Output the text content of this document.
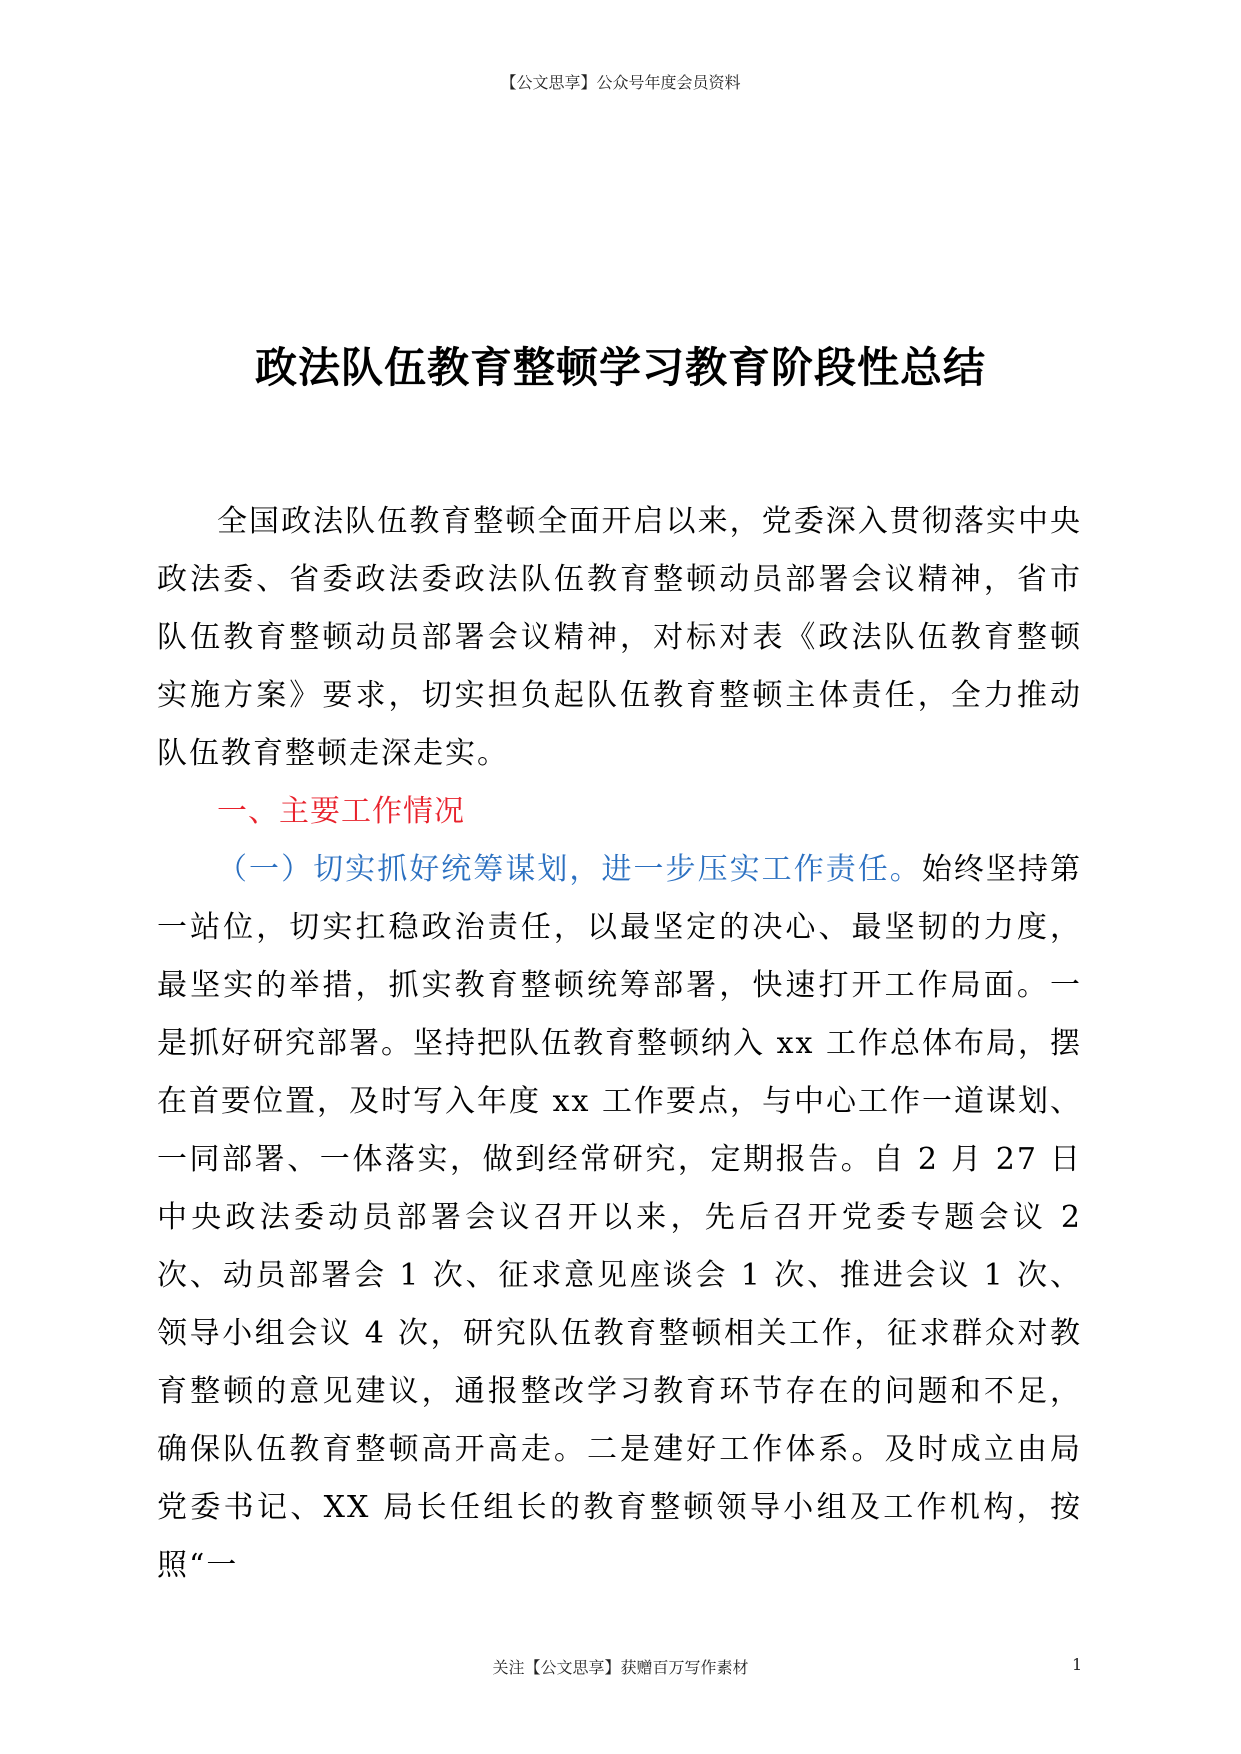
【公文思享】公众号年度会员资料
政法队伍教育整顿学习教育阶段性总结

全国政法队伍教育整顿全面开启以来，党委深入贯彻落实中央政法委、省委政法委政法队伍教育整顿动员部署会议精神，省市队伍教育整顿动员部署会议精神，对标对表《政法队伍教育整顿实施方案》要求，切实担负起队伍教育整顿主体责任，全力推动队伍教育整顿走深走实。

一、主要工作情况

（一）切实抓好统筹谋划，进一步压实工作责任。始终坚持第一站位，切实扛稳政治责任，以最坚定的决心、最坚韧的力度，最坚实的举措，抓实教育整顿统筹部署，快速打开工作局面。一是抓好研究部署。坚持把队伍教育整顿纳入 xx 工作总体布局，摆在首要位置，及时写入年度 xx 工作要点，与中心工作一道谋划、一同部署、一体落实，做到经常研究，定期报告。自 2 月 27 日中央政法委动员部署会议召开以来，先后召开党委专题会议 2 次、动员部署会 1 次、征求意见座谈会 1 次、推进会议 1 次、领导小组会议 4 次，研究队伍教育整顿相关工作，征求群众对教育整顿的意见建议，通报整改学习教育环节存在的问题和不足，确保队伍教育整顿高开高走。二是建好工作体系。及时成立由局党委书记、XX 局长任组长的教育整顿领导小组及工作机构，按照“一

关注【公文思享】获赠百万写作素材	1
